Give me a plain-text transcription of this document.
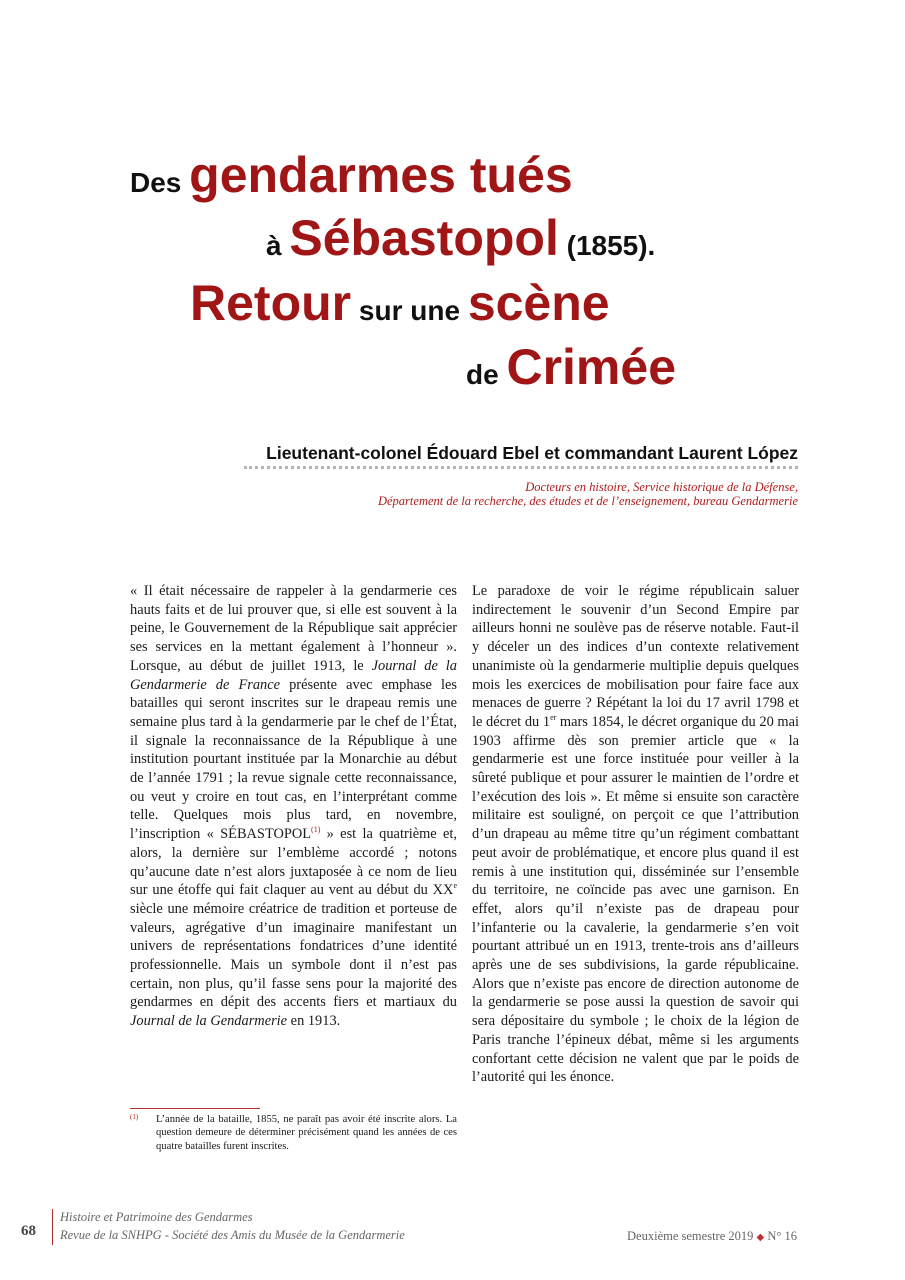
Des gendarmes tués
à Sébastopol (1855).
Retour sur une scène
de Crimée
Lieutenant-colonel Édouard Ebel et commandant Laurent López
Docteurs en histoire, Service historique de la Défense,
Département de la recherche, des études et de l’enseignement, bureau Gendarmerie

« Il était nécessaire de rappeler à la gendarmerie ces hauts faits et de lui prouver que, si elle est souvent à la peine, le Gouvernement de la République sait apprécier ses services en la mettant également à l’honneur ». Lorsque, au début de juillet 1913, le Journal de la Gendarmerie de France présente avec emphase les batailles qui seront inscrites sur le drapeau remis une semaine plus tard à la gendarmerie par le chef de l’État, il signale la reconnaissance de la République à une institution pourtant instituée par la Monarchie au début de l’année 1791 ; la revue signale cette reconnaissance, ou veut y croire en tout cas, en l’interprétant comme telle. Quelques mois plus tard, en novembre, l’inscription « SÉBASTOPOL$^{(1)}$ » est la quatrième et, alors, la dernière sur l’emblème accordé ; notons qu’aucune date n’est alors juxtaposée à ce nom de lieu sur une étoffe qui fait claquer au vent au début du XXe siècle une mémoire créatrice de tradition et porteuse de valeurs, agrégative d’un imaginaire manifestant un univers de représentations fondatrices d’une identité professionnelle. Mais un symbole dont il n’est pas certain, non plus, qu’il fasse sens pour la majorité des gendarmes en dépit des accents fiers et martiaux du Journal de la Gendarmerie en 1913.

Le paradoxe de voir le régime républicain saluer indirectement le souvenir d’un Second Empire par ailleurs honni ne soulève pas de réserve notable. Faut-il y déceler un des indices d’un contexte relativement unanimiste où la gendarmerie multiplie depuis quelques mois les exercices de mobilisation pour faire face aux menaces de guerre ? Répétant la loi du 17 avril 1798 et le décret du 1er mars 1854, le décret organique du 20 mai 1903 affirme dès son premier article que « la gendarmerie est une force instituée pour veiller à la sûreté publique et pour assurer le maintien de l’ordre et l’exécution des lois ». Et même si ensuite son caractère militaire est souligné, on perçoit ce que l’attribution d’un drapeau au même titre qu’un régiment combattant peut avoir de problématique, et encore plus quand il est remis à une institution qui, disséminée sur l’ensemble du territoire, ne coïncide pas avec une garnison. En effet, alors qu’il n’existe pas de drapeau pour l’infanterie ou la cavalerie, la gendarmerie s’en voit pourtant attribué un en 1913, trente-trois ans d’ailleurs après une de ses subdivisions, la garde républicaine. Alors que n’existe pas encore de direction autonome de la gendarmerie se pose aussi la question de savoir qui sera dépositaire du symbole ; le choix de la légion de Paris tranche l’épineux débat, même si les arguments confortant cette décision ne valent que par le poids de l’autorité qui les énonce.

(1) L’année de la bataille, 1855, ne paraît pas avoir été inscrite alors. La question demeure de déterminer précisément quand les années de ces quatre batailles furent inscrites.
68
Histoire et Patrimoine des Gendarmes
Revue de la SNHPG - Société des Amis du Musée de la Gendarmerie	Deuxième semestre 2019 ◆ N° 16
